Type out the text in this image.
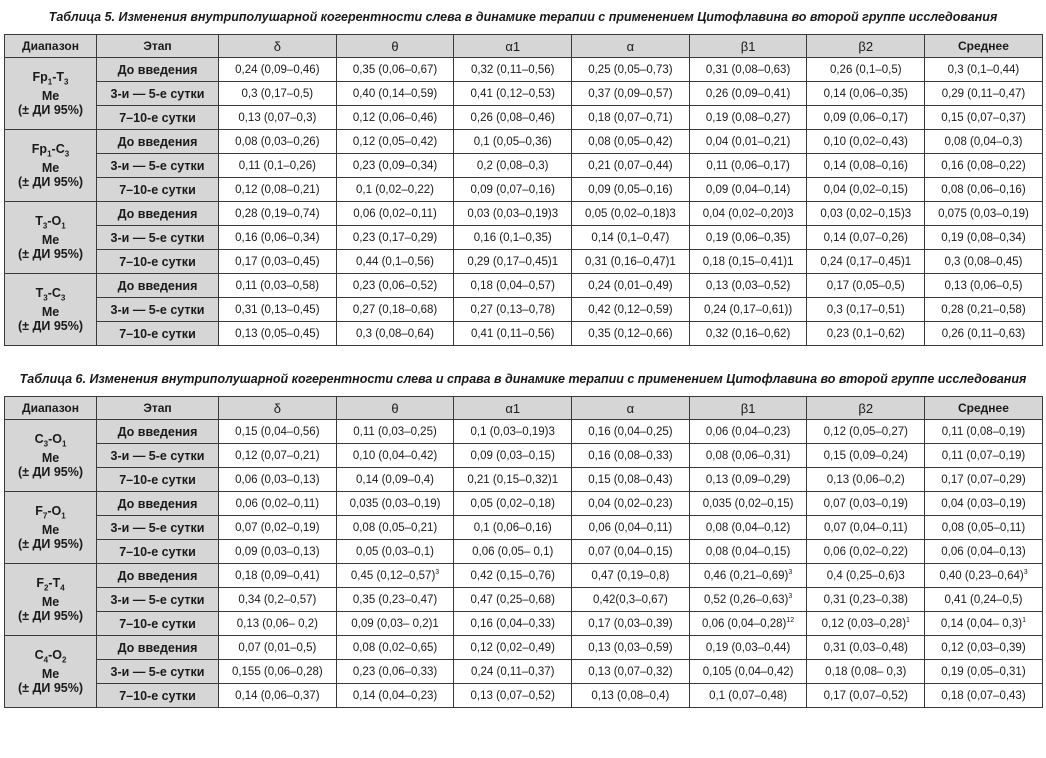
Таблица 5. Изменения внутриполушарной когерентности слева в динамике терапии с применением Цитофлавина во второй группе исследования
Диапазон	Этап	δ	θ	α1	α	β1	β2	Среднее

$Fp_1-T_3$
Me
(± ДИ 95%)	До введения	0,24 (0,09–0,46)	0,35 (0,06–0,67)	0,32 (0,11–0,56)	0,25 (0,05–0,73)	0,31 (0,08–0,63)	0,26 (0,1–0,5)	0,3 (0,1–0,44)
	3-и — 5-е сутки	0,3 (0,17–0,5)	0,40 (0,14–0,59)	0,41 (0,12–0,53)	0,37 (0,09–0,57)	0,26 (0,09–0,41)	0,14 (0,06–0,35)	0,29 (0,11–0,47)
	7–10-е сутки	0,13 (0,07–0,3)	0,12 (0,06–0,46)	0,26 (0,08–0,46)	0,18 (0,07–0,71)	0,19 (0,08–0,27)	0,09 (0,06–0,17)	0,15 (0,07–0,37)

$Fp_1-C_3$
Me
(± ДИ 95%)	До введения	0,08 (0,03–0,26)	0,12 (0,05–0,42)	0,1 (0,05–0,36)	0,08 (0,05–0,42)	0,04 (0,01–0,21)	0,10 (0,02–0,43)	0,08 (0,04–0,3)
	3-и — 5-е сутки	0,11 (0,1–0,26)	0,23 (0,09–0,34)	0,2 (0,08–0,3)	0,21 (0,07–0,44)	0,11 (0,06–0,17)	0,14 (0,08–0,16)	0,16 (0,08–0,22)
	7–10-е сутки	0,12 (0,08–0,21)	0,1 (0,02–0,22)	0,09 (0,07–0,16)	0,09 (0,05–0,16)	0,09 (0,04–0,14)	0,04 (0,02–0,15)	0,08 (0,06–0,16)

$T_3-O_1$
Me
(± ДИ 95%)	До введения	0,28 (0,19–0,74)	0,06 (0,02–0,11)	0,03 (0,03–0,19)3	0,05 (0,02–0,18)3	0,04 (0,02–0,20)3	0,03 (0,02–0,15)3	0,075 (0,03–0,19)
	3-и — 5-е сутки	0,16 (0,06–0,34)	0,23 (0,17–0,29)	0,16 (0,1–0,35)	0,14 (0,1–0,47)	0,19 (0,06–0,35)	0,14 (0,07–0,26)	0,19 (0,08–0,34)
	7–10-е сутки	0,17 (0,03–0,45)	0,44 (0,1–0,56)	0,29 (0,17–0,45)1	0,31 (0,16–0,47)1	0,18 (0,15–0,41)1	0,24 (0,17–0,45)1	0,3 (0,08–0,45)

$T_3-C_3$
Me
(± ДИ 95%)	До введения	0,11 (0,03–0,58)	0,23 (0,06–0,52)	0,18 (0,04–0,57)	0,24 (0,01–0,49)	0,13 (0,03–0,52)	0,17 (0,05–0,5)	0,13 (0,06–0,5)
	3-и — 5-е сутки	0,31 (0,13–0,45)	0,27 (0,18–0,68)	0,27 (0,13–0,78)	0,42 (0,12–0,59)	0,24 (0,17–0,61))	0,3 (0,17–0,51)	0,28 (0,21–0,58)
	7–10-е сутки	0,13 (0,05–0,45)	0,3 (0,08–0,64)	0,41 (0,11–0,56)	0,35 (0,12–0,66)	0,32 (0,16–0,62)	0,23 (0,1–0,62)	0,26 (0,11–0,63)
Таблица 6. Изменения внутриполушарной когерентности слева и справа в динамике терапии с применением Цитофлавина во второй группе исследования
Диапазон	Этап	δ	θ	α1	α	β1	β2	Среднее

$C_3-O_1$
Me
(± ДИ 95%)	До введения	0,15 (0,04–0,56)	0,11 (0,03–0,25)	0,1 (0,03–0,19)3	0,16 (0,04–0,25)	0,06 (0,04–0,23)	0,12 (0,05–0,27)	0,11 (0,08–0,19)
	3-и — 5-е сутки	0,12 (0,07–0,21)	0,10 (0,04–0,42)	0,09 (0,03–0,15)	0,16 (0,08–0,33)	0,08 (0,06–0,31)	0,15 (0,09–0,24)	0,11 (0,07–0,19)
	7–10-е сутки	0,06 (0,03–0,13)	0,14 (0,09–0,4)	0,21 (0,15–0,32)1	0,15 (0,08–0,43)	0,13 (0,09–0,29)	0,13 (0,06–0,2)	0,17 (0,07–0,29)

$F_7-O_1$
Me
(± ДИ 95%)	До введения	0,06 (0,02–0,11)	0,035 (0,03–0,19)	0,05 (0,02–0,18)	0,04 (0,02–0,23)	0,035 (0,02–0,15)	0,07 (0,03–0,19)	0,04 (0,03–0,19)
	3-и — 5-е сутки	0,07 (0,02–0,19)	0,08 (0,05–0,21)	0,1 (0,06–0,16)	0,06 (0,04–0,11)	0,08 (0,04–0,12)	0,07 (0,04–0,11)	0,08 (0,05–0,11)
	7–10-е сутки	0,09 (0,03–0,13)	0,05 (0,03–0,1)	0,06 (0,05– 0,1)	0,07 (0,04–0,15)	0,08 (0,04–0,15)	0,06 (0,02–0,22)	0,06 (0,04–0,13)

$F_2-T_4$
Me
(± ДИ 95%)	До введения	0,18 (0,09–0,41)	0,45 $(0,12-0,57)^3$	0,42 (0,15–0,76)	0,47 (0,19–0,8)	0,46 $(0,21-0,69)^3$	0,4 (0,25–0,6)3	0,40 $(0,23-0,64)^3$
	3-и — 5-е сутки	0,34 (0,2–0,57)	0,35 (0,23–0,47)	0,47 (0,25–0,68)	0,42(0,3–0,67)	0,52 $(0,26-0,63)^3$	0,31 (0,23–0,38)	0,41 (0,24–0,5)
	7–10-е сутки	0,13 (0,06– 0,2)	0,09 (0,03– 0,2)1	0,16 (0,04–0,33)	0,17 (0,03–0,39)	0,06 $(0,04-0,28)^{12}$	0,12 $(0,03-0,28)^1$	0,14 (0,04– 0,3)$^1$

$C_4-O_2$
Me
(± ДИ 95%)	До введения	0,07 (0,01–0,5)	0,08 (0,02–0,65)	0,12 (0,02–0,49)	0,13 (0,03–0,59)	0,19 (0,03–0,44)	0,31 (0,03–0,48)	0,12 (0,03–0,39)
	3-и — 5-е сутки	0,155 (0,06–0,28)	0,23 (0,06–0,33)	0,24 (0,11–0,37)	0,13 (0,07–0,32)	0,105 (0,04–0,42)	0,18 (0,08– 0,3)	0,19 (0,05–0,31)
	7–10-е сутки	0,14 (0,06–0,37)	0,14 (0,04–0,23)	0,13 (0,07–0,52)	0,13 (0,08–0,4)	0,1 (0,07–0,48)	0,17 (0,07–0,52)	0,18 (0,07–0,43)
